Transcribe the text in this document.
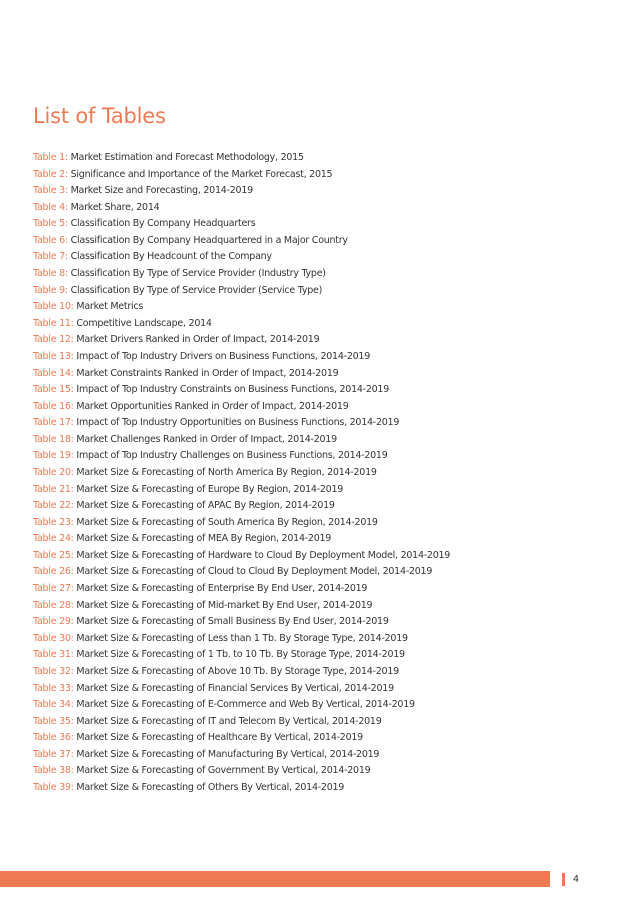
List of Tables
Table 1: Market Estimation and Forecast Methodology, 2015
Table 2: Significance and Importance of the Market Forecast, 2015
Table 3: Market Size and Forecasting, 2014-2019
Table 4: Market Share, 2014
Table 5: Classification By Company Headquarters
Table 6: Classification By Company Headquartered in a Major Country
Table 7: Classification By Headcount of the Company
Table 8: Classification By Type of Service Provider (Industry Type)
Table 9: Classification By Type of Service Provider (Service Type)
Table 10: Market Metrics
Table 11: Competitive Landscape, 2014
Table 12: Market Drivers Ranked in Order of Impact, 2014-2019
Table 13: Impact of Top Industry Drivers on Business Functions, 2014-2019
Table 14: Market Constraints Ranked in Order of Impact, 2014-2019
Table 15: Impact of Top Industry Constraints on Business Functions, 2014-2019
Table 16: Market Opportunities Ranked in Order of Impact, 2014-2019
Table 17: Impact of Top Industry Opportunities on Business Functions, 2014-2019
Table 18: Market Challenges Ranked in Order of Impact, 2014-2019
Table 19: Impact of Top Industry Challenges on Business Functions, 2014-2019
Table 20: Market Size & Forecasting of North America By Region, 2014-2019
Table 21: Market Size & Forecasting of Europe By Region, 2014-2019
Table 22: Market Size & Forecasting of APAC By Region, 2014-2019
Table 23: Market Size & Forecasting of South America By Region, 2014-2019
Table 24: Market Size & Forecasting of MEA By Region, 2014-2019
Table 25: Market Size & Forecasting of Hardware to Cloud By Deployment Model, 2014-2019
Table 26: Market Size & Forecasting of Cloud to Cloud By Deployment Model, 2014-2019
Table 27: Market Size & Forecasting of Enterprise By End User, 2014-2019
Table 28: Market Size & Forecasting of Mid-market By End User, 2014-2019
Table 29: Market Size & Forecasting of Small Business By End User, 2014-2019
Table 30: Market Size & Forecasting of Less than 1 Tb. By Storage Type, 2014-2019
Table 31: Market Size & Forecasting of 1 Tb. to 10 Tb. By Storage Type, 2014-2019
Table 32: Market Size & Forecasting of Above 10 Tb. By Storage Type, 2014-2019
Table 33: Market Size & Forecasting of Financial Services By Vertical, 2014-2019
Table 34: Market Size & Forecasting of E-Commerce and Web By Vertical, 2014-2019
Table 35: Market Size & Forecasting of IT and Telecom By Vertical, 2014-2019
Table 36: Market Size & Forecasting of Healthcare By Vertical, 2014-2019
Table 37: Market Size & Forecasting of Manufacturing By Vertical, 2014-2019
Table 38: Market Size & Forecasting of Government By Vertical, 2014-2019
Table 39: Market Size & Forecasting of Others By Vertical, 2014-2019
4
